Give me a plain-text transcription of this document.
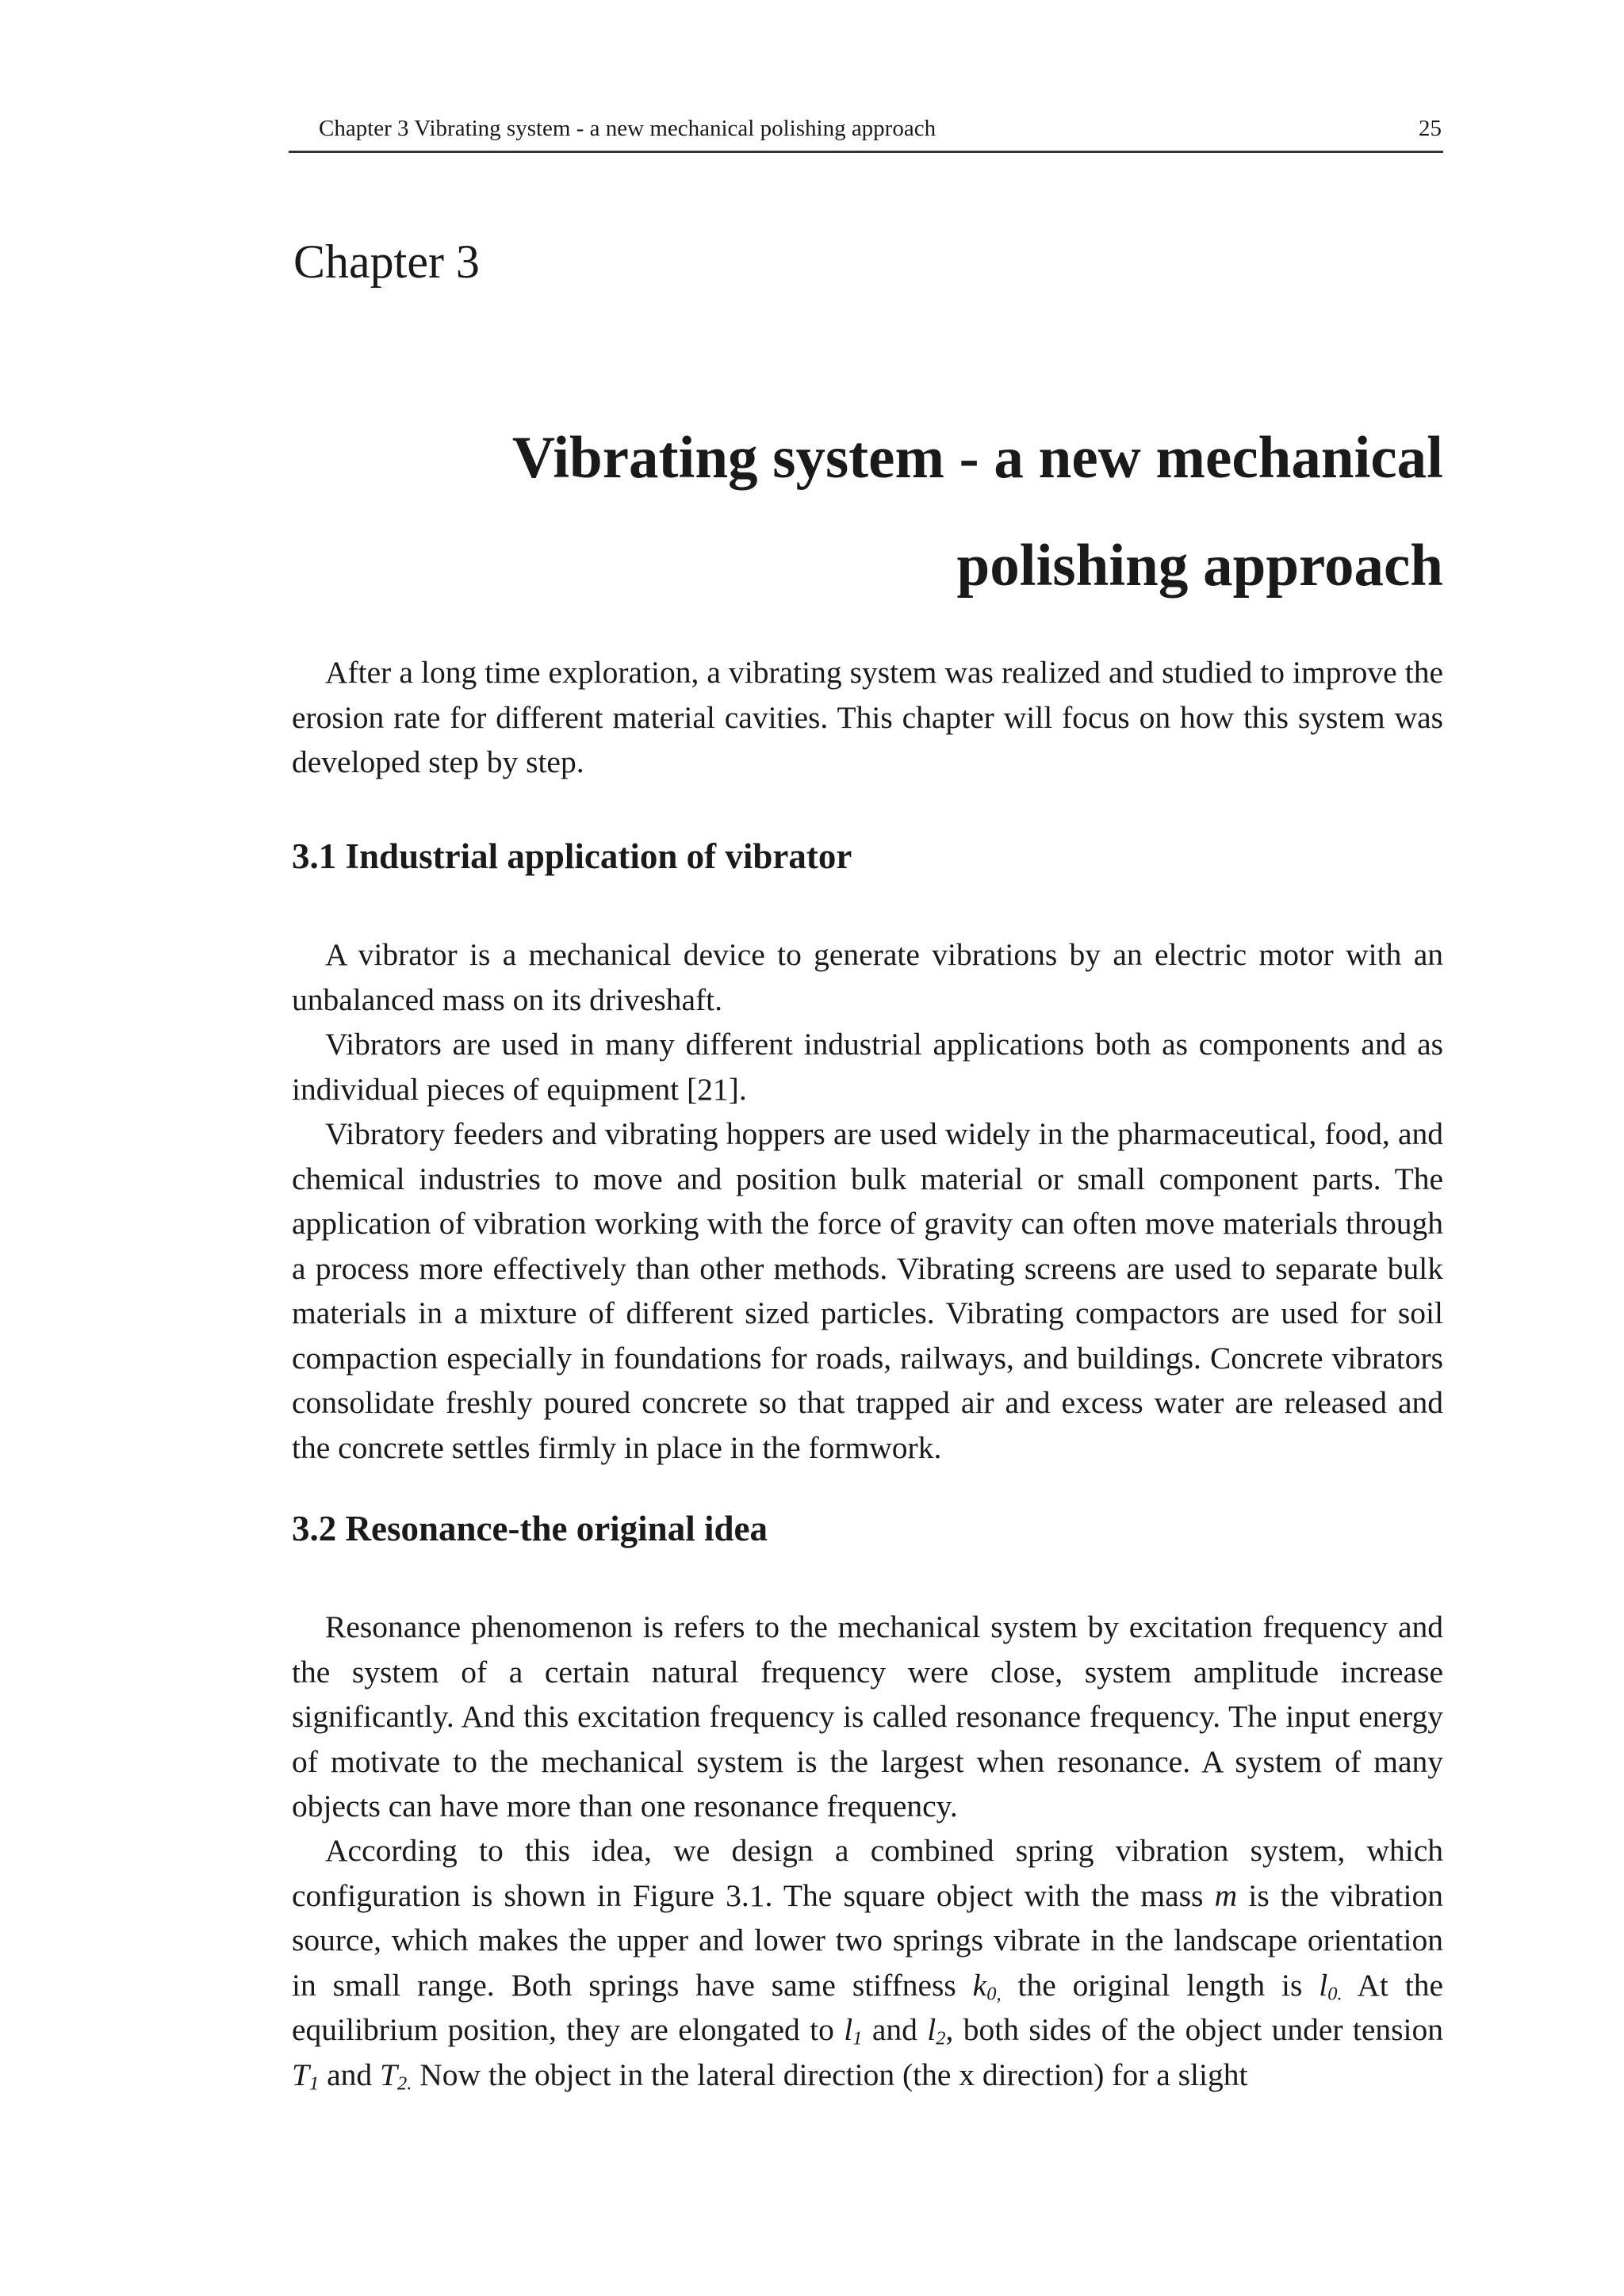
Chapter 3 Vibrating system - a new mechanical polishing approach	25
Chapter 3
Vibrating system - a new mechanical
polishing approach

After a long time exploration, a vibrating system was realized and studied to improve the erosion rate for different material cavities. This chapter will focus on how this system was developed step by step.

3.1 Industrial application of vibrator

A vibrator is a mechanical device to generate vibrations by an electric motor with an unbalanced mass on its driveshaft.

Vibrators are used in many different industrial applications both as components and as individual pieces of equipment [21].

Vibratory feeders and vibrating hoppers are used widely in the pharmaceutical, food, and chemical industries to move and position bulk material or small component parts. The application of vibration working with the force of gravity can often move materials through a process more effectively than other methods. Vibrating screens are used to separate bulk materials in a mixture of different sized particles. Vibrating compactors are used for soil compaction especially in foundations for roads, railways, and buildings. Concrete vibrators consolidate freshly poured concrete so that trapped air and excess water are released and the concrete settles firmly in place in the formwork.

3.2 Resonance-the original idea

Resonance phenomenon is refers to the mechanical system by excitation frequency and the system of a certain natural frequency were close, system amplitude increase significantly. And this excitation frequency is called resonance frequency. The input energy of motivate to the mechanical system is the largest when resonance. A system of many objects can have more than one resonance frequency.

According to this idea, we design a combined spring vibration system, which configuration is shown in Figure 3.1. The square object with the mass m is the vibration source, which makes the upper and lower two springs vibrate in the landscape orientation in small range. Both springs have same stiffness $k_{0,}$ the original length is $l_{0.}$ At the equilibrium position, they are elongated to $l_1$ and $l_2$, both sides of the object under tension $T_1$ and $T_{2.}$ Now the object in the lateral direction (the x direction) for a slight
